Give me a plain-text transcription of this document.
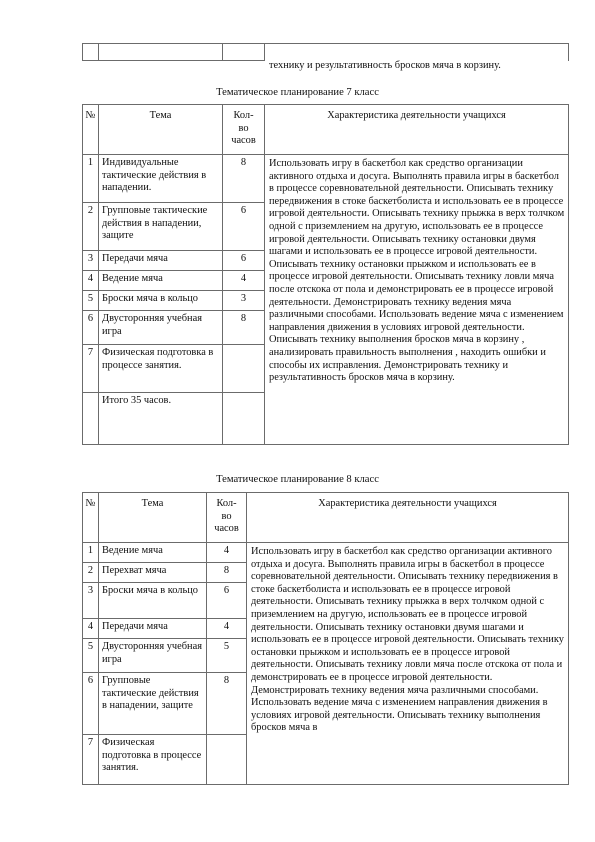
технику и результативность бросков мяча в корзину.
Тематическое планирование 7 класс
№	Тема	Кол-
во
часов	Характеристика деятельности учащихся
1	Индивидуальные тактические действия в нападении.	8	Использовать игру в баскетбол как средство организации активного отдыха и досуга. Выполнять правила игры в баскетбол в процессе соревновательной деятельности. Описывать технику передвижения в стоке баскетболиста и использовать ее в процессе игровой деятельности. Описывать технику прыжка в верх толчком одной с приземлением на другую, использовать ее в процессе игровой деятельности. Описывать технику остановки двумя шагами и использовать ее в процессе игровой деятельности. Описывать технику остановки прыжком и использовать ее в процессе игровой деятельности. Описывать технику ловли мяча после отскока от пола и демонстрировать ее в процессе игровой деятельности. Демонстрировать технику ведения мяча различными способами. Использовать ведение мяча с изменением направления движения в условиях игровой деятельности. Описывать технику выполнения бросков мяча в корзину , анализировать правильность выполнения , находить ошибки и способы их исправления. Демонстрировать технику и результативность бросков мяча в корзину.
2	Групповые тактические действия в нападении, защите	6	
3	Передачи мяча	6	
4	Ведение мяча	4	
5	Броски мяча в кольцо	3	
6	Двусторонняя учебная игра	8	
7	Физическая подготовка в процессе занятия.		
	Итого 35 часов.		
Тематическое планирование 8 класс
№	Тема	Кол-
во
часов	Характеристика деятельности учащихся
1	Ведение мяча	4	Использовать игру в баскетбол как средство организации активного отдыха и досуга. Выполнять правила игры в баскетбол в процессе соревновательной деятельности. Описывать технику передвижения в стоке баскетболиста и использовать ее в процессе игровой деятельности. Описывать технику прыжка в верх толчком одной с приземлением на другую, использовать ее в процессе игровой деятельности. Описывать технику остановки двумя шагами и использовать ее в процессе игровой деятельности. Описывать технику остановки прыжком и использовать ее в процессе игровой деятельности. Описывать технику ловли мяча после отскока от пола и демонстрировать ее в процессе игровой деятельности. Демонстрировать технику ведения мяча различными способами. Использовать ведение мяча с изменением направления движения в условиях игровой деятельности. Описывать технику выполнения бросков мяча в
2	Перехват мяча	8	
3	Броски мяча в кольцо	6	
4	Передачи мяча	4	
5	Двусторонняя учебная игра	5	
6	Групповые тактические действия в нападении, защите	8	
7	Физическая подготовка в процессе занятия.		
